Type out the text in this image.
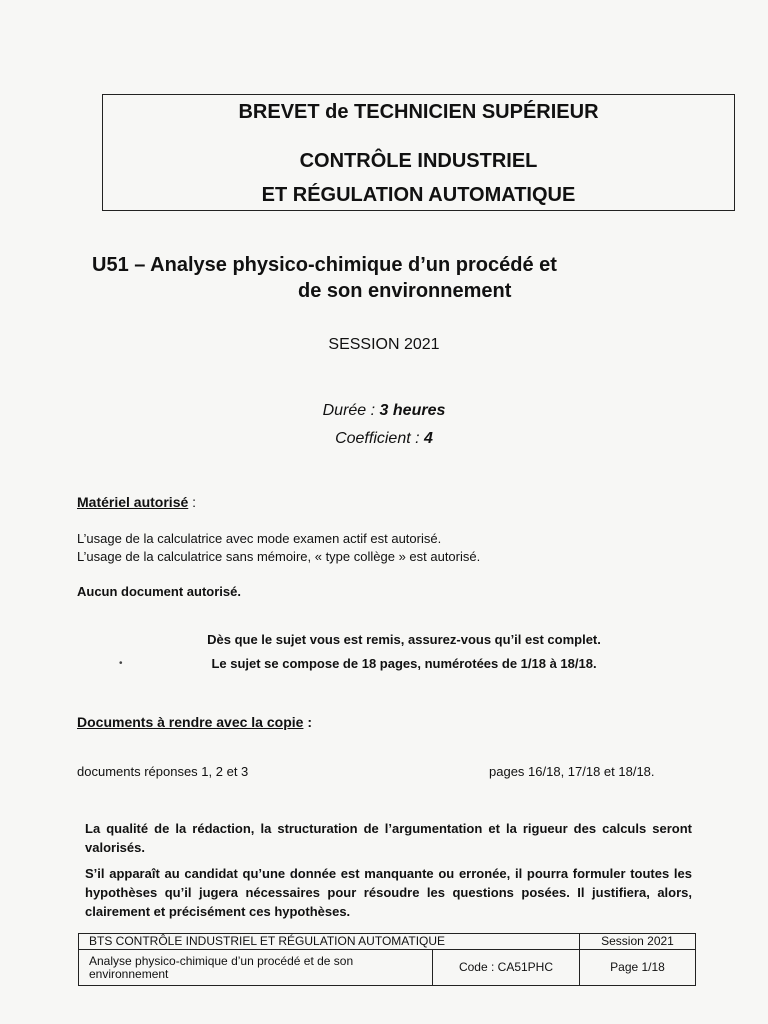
BREVET de TECHNICIEN SUPÉRIEUR
CONTRÔLE INDUSTRIEL
ET RÉGULATION AUTOMATIQUE
U51 – Analyse physico-chimique d’un procédé et
de son environnement
SESSION 2021
Durée : 3 heures
Coefficient : 4
Matériel autorisé :
L’usage de la calculatrice avec mode examen actif est autorisé.
L’usage de la calculatrice sans mémoire, « type collège » est autorisé.
Aucun document autorisé.
Dès que le sujet vous est remis, assurez-vous qu’il est complet.
Le sujet se compose de 18 pages, numérotées de 1/18 à 18/18.
•
Documents à rendre avec la copie :
documents réponses 1, 2 et 3	pages 16/18, 17/18 et 18/18.
La qualité de la rédaction, la structuration de l’argumentation et la rigueur des calculs seront valorisés.
S’il apparaît au candidat qu’une donnée est manquante ou erronée, il pourra formuler toutes les hypothèses qu’il jugera nécessaires pour résoudre les questions posées. Il justifiera, alors, clairement et précisément ces hypothèses.
BTS CONTRÔLE INDUSTRIEL ET RÉGULATION AUTOMATIQUE		Session 2021
Analyse physico-chimique d’un procédé et de son environnement	Code : CA51PHC	Page 1/18
